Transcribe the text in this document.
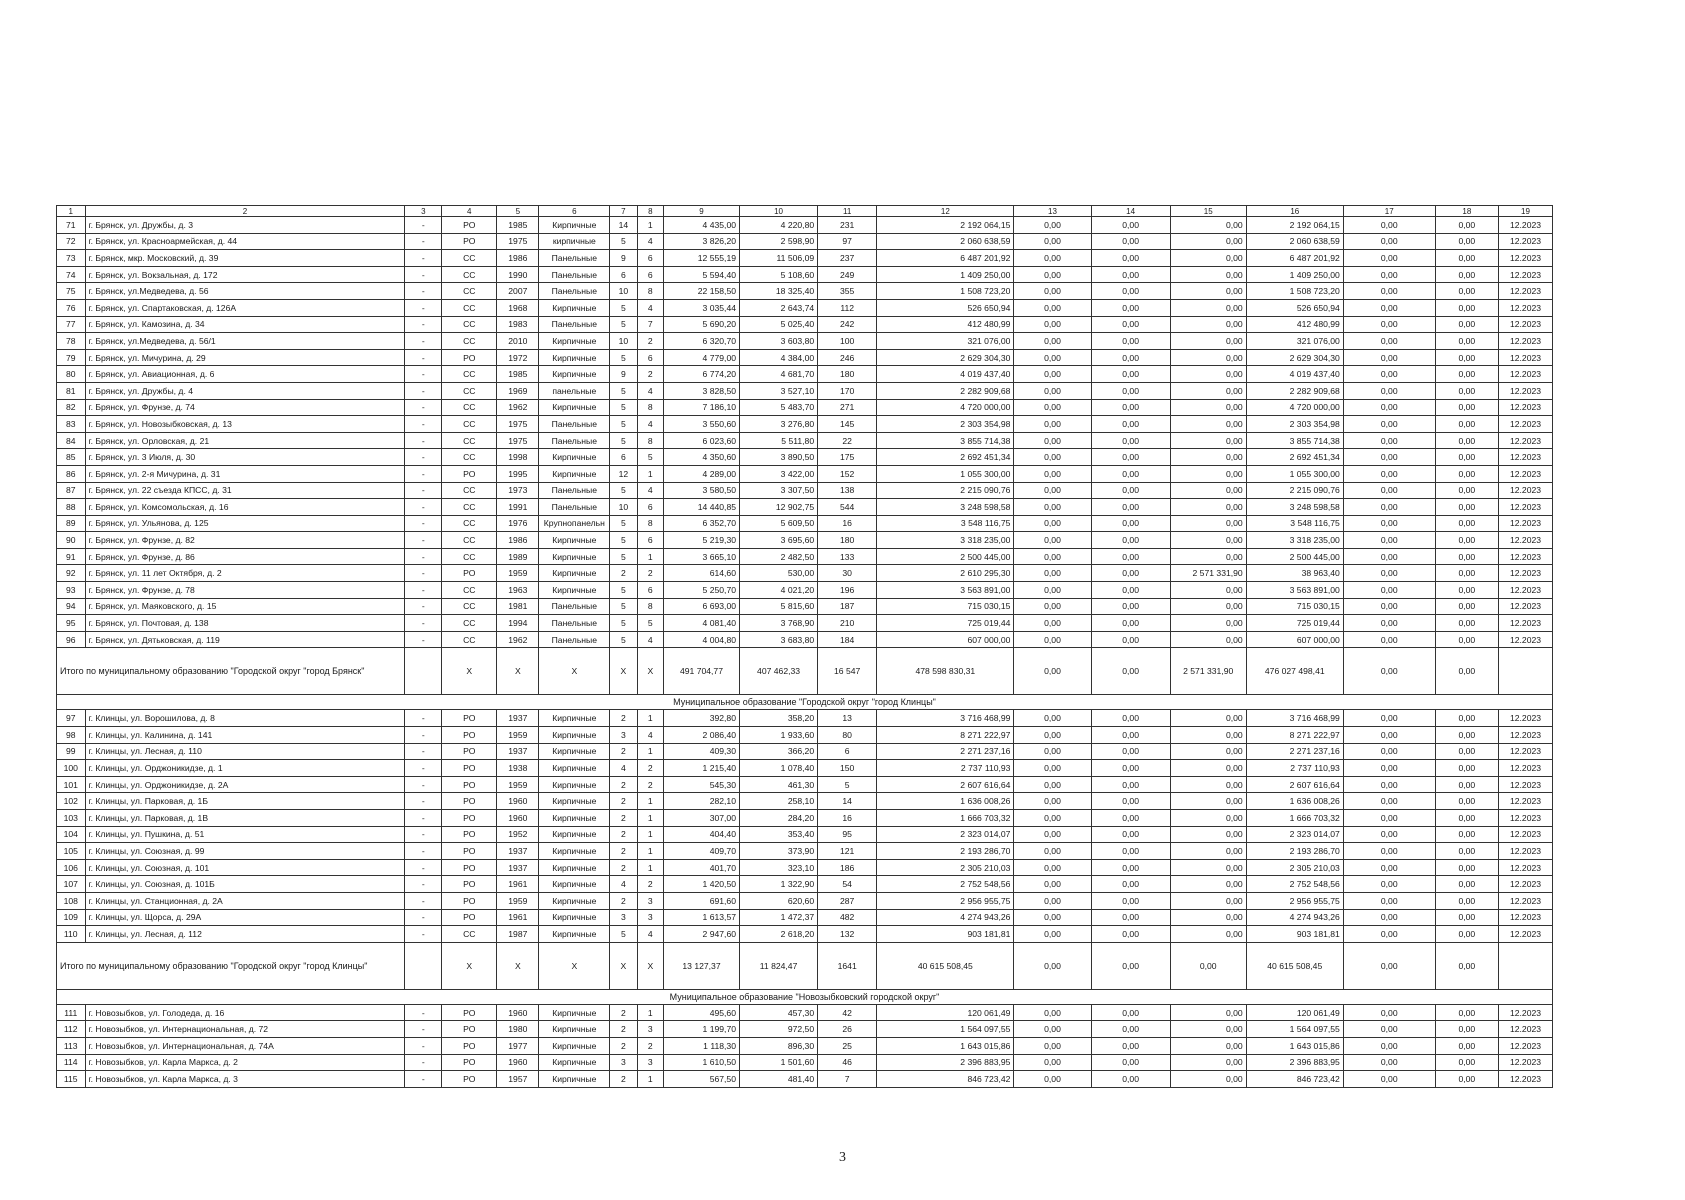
1	2	3	4	5	6	7	8	9	10	11	12	13	14	15	16	17	18	19
71	г. Брянск, ул. Дружбы, д. 3	-	РО	1985	Кирпичные	14	1	4 435,00	4 220,80	231	2 192 064,15	0,00	0,00	0,00	2 192 064,15	0,00	0,00	12.2023
72	г. Брянск, ул. Красноармейская, д. 44	-	РО	1975	кирпичные	5	4	3 826,20	2 598,90	97	2 060 638,59	0,00	0,00	0,00	2 060 638,59	0,00	0,00	12.2023
73	г. Брянск, мкр. Московский, д. 39	-	СС	1986	Панельные	9	6	12 555,19	11 506,09	237	6 487 201,92	0,00	0,00	0,00	6 487 201,92	0,00	0,00	12.2023
74	г. Брянск, ул. Вокзальная, д. 172	-	СС	1990	Панельные	6	6	5 594,40	5 108,60	249	1 409 250,00	0,00	0,00	0,00	1 409 250,00	0,00	0,00	12.2023
75	г. Брянск, ул.Медведева, д. 56	-	СС	2007	Панельные	10	8	22 158,50	18 325,40	355	1 508 723,20	0,00	0,00	0,00	1 508 723,20	0,00	0,00	12.2023
76	г. Брянск, ул. Спартаковская, д. 126А	-	СС	1968	Кирпичные	5	4	3 035,44	2 643,74	112	526 650,94	0,00	0,00	0,00	526 650,94	0,00	0,00	12.2023
77	г. Брянск, ул. Камозина, д. 34	-	СС	1983	Панельные	5	7	5 690,20	5 025,40	242	412 480,99	0,00	0,00	0,00	412 480,99	0,00	0,00	12.2023
78	г. Брянск, ул.Медведева, д. 56/1	-	СС	2010	Кирпичные	10	2	6 320,70	3 603,80	100	321 076,00	0,00	0,00	0,00	321 076,00	0,00	0,00	12.2023
79	г. Брянск, ул. Мичурина, д. 29	-	РО	1972	Кирпичные	5	6	4 779,00	4 384,00	246	2 629 304,30	0,00	0,00	0,00	2 629 304,30	0,00	0,00	12.2023
80	г. Брянск, ул. Авиационная, д. 6	-	СС	1985	Кирпичные	9	2	6 774,20	4 681,70	180	4 019 437,40	0,00	0,00	0,00	4 019 437,40	0,00	0,00	12.2023
81	г. Брянск, ул. Дружбы, д. 4	-	СС	1969	панельные	5	4	3 828,50	3 527,10	170	2 282 909,68	0,00	0,00	0,00	2 282 909,68	0,00	0,00	12.2023
82	г. Брянск, ул. Фрунзе, д. 74	-	СС	1962	Кирпичные	5	8	7 186,10	5 483,70	271	4 720 000,00	0,00	0,00	0,00	4 720 000,00	0,00	0,00	12.2023
83	г. Брянск, ул. Новозыбковская, д. 13	-	СС	1975	Панельные	5	4	3 550,60	3 276,80	145	2 303 354,98	0,00	0,00	0,00	2 303 354,98	0,00	0,00	12.2023
84	г. Брянск, ул. Орловская, д. 21	-	СС	1975	Панельные	5	8	6 023,60	5 511,80	22	3 855 714,38	0,00	0,00	0,00	3 855 714,38	0,00	0,00	12.2023
85	г. Брянск, ул. 3 Июля, д. 30	-	СС	1998	Кирпичные	6	5	4 350,60	3 890,50	175	2 692 451,34	0,00	0,00	0,00	2 692 451,34	0,00	0,00	12.2023
86	г. Брянск, ул. 2-я Мичурина, д. 31	-	РО	1995	Кирпичные	12	1	4 289,00	3 422,00	152	1 055 300,00	0,00	0,00	0,00	1 055 300,00	0,00	0,00	12.2023
87	г. Брянск, ул. 22 съезда КПСС, д. 31	-	СС	1973	Панельные	5	4	3 580,50	3 307,50	138	2 215 090,76	0,00	0,00	0,00	2 215 090,76	0,00	0,00	12.2023
88	г. Брянск, ул. Комсомольская, д. 16	-	СС	1991	Панельные	10	6	14 440,85	12 902,75	544	3 248 598,58	0,00	0,00	0,00	3 248 598,58	0,00	0,00	12.2023
89	г. Брянск, ул. Ульянова, д. 125	-	СС	1976	Крупнопанельн	5	8	6 352,70	5 609,50	16	3 548 116,75	0,00	0,00	0,00	3 548 116,75	0,00	0,00	12.2023
90	г. Брянск, ул. Фрунзе, д. 82	-	СС	1986	Кирпичные	5	6	5 219,30	3 695,60	180	3 318 235,00	0,00	0,00	0,00	3 318 235,00	0,00	0,00	12.2023
91	г. Брянск, ул. Фрунзе, д. 86	-	СС	1989	Кирпичные	5	1	3 665,10	2 482,50	133	2 500 445,00	0,00	0,00	0,00	2 500 445,00	0,00	0,00	12.2023
92	г. Брянск, ул. 11 лет Октября, д. 2	-	РО	1959	Кирпичные	2	2	614,60	530,00	30	2 610 295,30	0,00	0,00	2 571 331,90	38 963,40	0,00	0,00	12.2023
93	г. Брянск, ул. Фрунзе, д. 78	-	СС	1963	Кирпичные	5	6	5 250,70	4 021,20	196	3 563 891,00	0,00	0,00	0,00	3 563 891,00	0,00	0,00	12.2023
94	г. Брянск, ул. Маяковского, д. 15	-	СС	1981	Панельные	5	8	6 693,00	5 815,60	187	715 030,15	0,00	0,00	0,00	715 030,15	0,00	0,00	12.2023
95	г. Брянск, ул. Почтовая, д. 138	-	СС	1994	Панельные	5	5	4 081,40	3 768,90	210	725 019,44	0,00	0,00	0,00	725 019,44	0,00	0,00	12.2023
96	г. Брянск, ул. Дятьковская, д. 119	-	СС	1962	Панельные	5	4	4 004,80	3 683,80	184	607 000,00	0,00	0,00	0,00	607 000,00	0,00	0,00	12.2023
Итого по муниципальному образованию "Городской округ "город Брянск"			X	X	X	X	X	491 704,77	407 462,33	16 547	478 598 830,31	0,00	0,00	2 571 331,90	476 027 498,41	0,00	0,00	
Муниципальное образование "Городской округ "город Клинцы"																		
97	г. Клинцы, ул. Ворошилова, д. 8	-	РО	1937	Кирпичные	2	1	392,80	358,20	13	3 716 468,99	0,00	0,00	0,00	3 716 468,99	0,00	0,00	12.2023
98	г. Клинцы, ул. Калинина, д. 141	-	РО	1959	Кирпичные	3	4	2 086,40	1 933,60	80	8 271 222,97	0,00	0,00	0,00	8 271 222,97	0,00	0,00	12.2023
99	г. Клинцы, ул. Лесная, д. 110	-	РО	1937	Кирпичные	2	1	409,30	366,20	6	2 271 237,16	0,00	0,00	0,00	2 271 237,16	0,00	0,00	12.2023
100	г. Клинцы, ул. Орджоникидзе, д. 1	-	РО	1938	Кирпичные	4	2	1 215,40	1 078,40	150	2 737 110,93	0,00	0,00	0,00	2 737 110,93	0,00	0,00	12.2023
101	г. Клинцы, ул. Орджоникидзе, д. 2А	-	РО	1959	Кирпичные	2	2	545,30	461,30	5	2 607 616,64	0,00	0,00	0,00	2 607 616,64	0,00	0,00	12.2023
102	г. Клинцы, ул. Парковая, д. 1Б	-	РО	1960	Кирпичные	2	1	282,10	258,10	14	1 636 008,26	0,00	0,00	0,00	1 636 008,26	0,00	0,00	12.2023
103	г. Клинцы, ул. Парковая, д. 1В	-	РО	1960	Кирпичные	2	1	307,00	284,20	16	1 666 703,32	0,00	0,00	0,00	1 666 703,32	0,00	0,00	12.2023
104	г. Клинцы, ул. Пушкина, д. 51	-	РО	1952	Кирпичные	2	1	404,40	353,40	95	2 323 014,07	0,00	0,00	0,00	2 323 014,07	0,00	0,00	12.2023
105	г. Клинцы, ул. Союзная, д. 99	-	РО	1937	Кирпичные	2	1	409,70	373,90	121	2 193 286,70	0,00	0,00	0,00	2 193 286,70	0,00	0,00	12.2023
106	г. Клинцы, ул. Союзная, д. 101	-	РО	1937	Кирпичные	2	1	401,70	323,10	186	2 305 210,03	0,00	0,00	0,00	2 305 210,03	0,00	0,00	12.2023
107	г. Клинцы, ул. Союзная, д. 101Б	-	РО	1961	Кирпичные	4	2	1 420,50	1 322,90	54	2 752 548,56	0,00	0,00	0,00	2 752 548,56	0,00	0,00	12.2023
108	г. Клинцы, ул. Станционная, д. 2А	-	РО	1959	Кирпичные	2	3	691,60	620,60	287	2 956 955,75	0,00	0,00	0,00	2 956 955,75	0,00	0,00	12.2023
109	г. Клинцы, ул. Щорса, д. 29А	-	РО	1961	Кирпичные	3	3	1 613,57	1 472,37	482	4 274 943,26	0,00	0,00	0,00	4 274 943,26	0,00	0,00	12.2023
110	г. Клинцы, ул. Лесная, д. 112	-	СС	1987	Кирпичные	5	4	2 947,60	2 618,20	132	903 181,81	0,00	0,00	0,00	903 181,81	0,00	0,00	12.2023
Итого по муниципальному образованию "Городской округ "город Клинцы"			X	X	X	X	X	13 127,37	11 824,47	1641	40 615 508,45	0,00	0,00	0,00	40 615 508,45	0,00	0,00	
Муниципальное образование "Новозыбковский городской округ"																		
111	г. Новозыбков, ул. Голодеда, д. 16	-	РО	1960	Кирпичные	2	1	495,60	457,30	42	120 061,49	0,00	0,00	0,00	120 061,49	0,00	0,00	12.2023
112	г. Новозыбков, ул. Интернациональная, д. 72	-	РО	1980	Кирпичные	2	3	1 199,70	972,50	26	1 564 097,55	0,00	0,00	0,00	1 564 097,55	0,00	0,00	12.2023
113	г. Новозыбков, ул. Интернациональная, д. 74А	-	РО	1977	Кирпичные	2	2	1 118,30	896,30	25	1 643 015,86	0,00	0,00	0,00	1 643 015,86	0,00	0,00	12.2023
114	г. Новозыбков, ул. Карла Маркса, д. 2	-	РО	1960	Кирпичные	3	3	1 610,50	1 501,60	46	2 396 883,95	0,00	0,00	0,00	2 396 883,95	0,00	0,00	12.2023
115	г. Новозыбков, ул. Карла Маркса, д. 3	-	РО	1957	Кирпичные	2	1	567,50	481,40	7	846 723,42	0,00	0,00	0,00	846 723,42	0,00	0,00	12.2023
3
